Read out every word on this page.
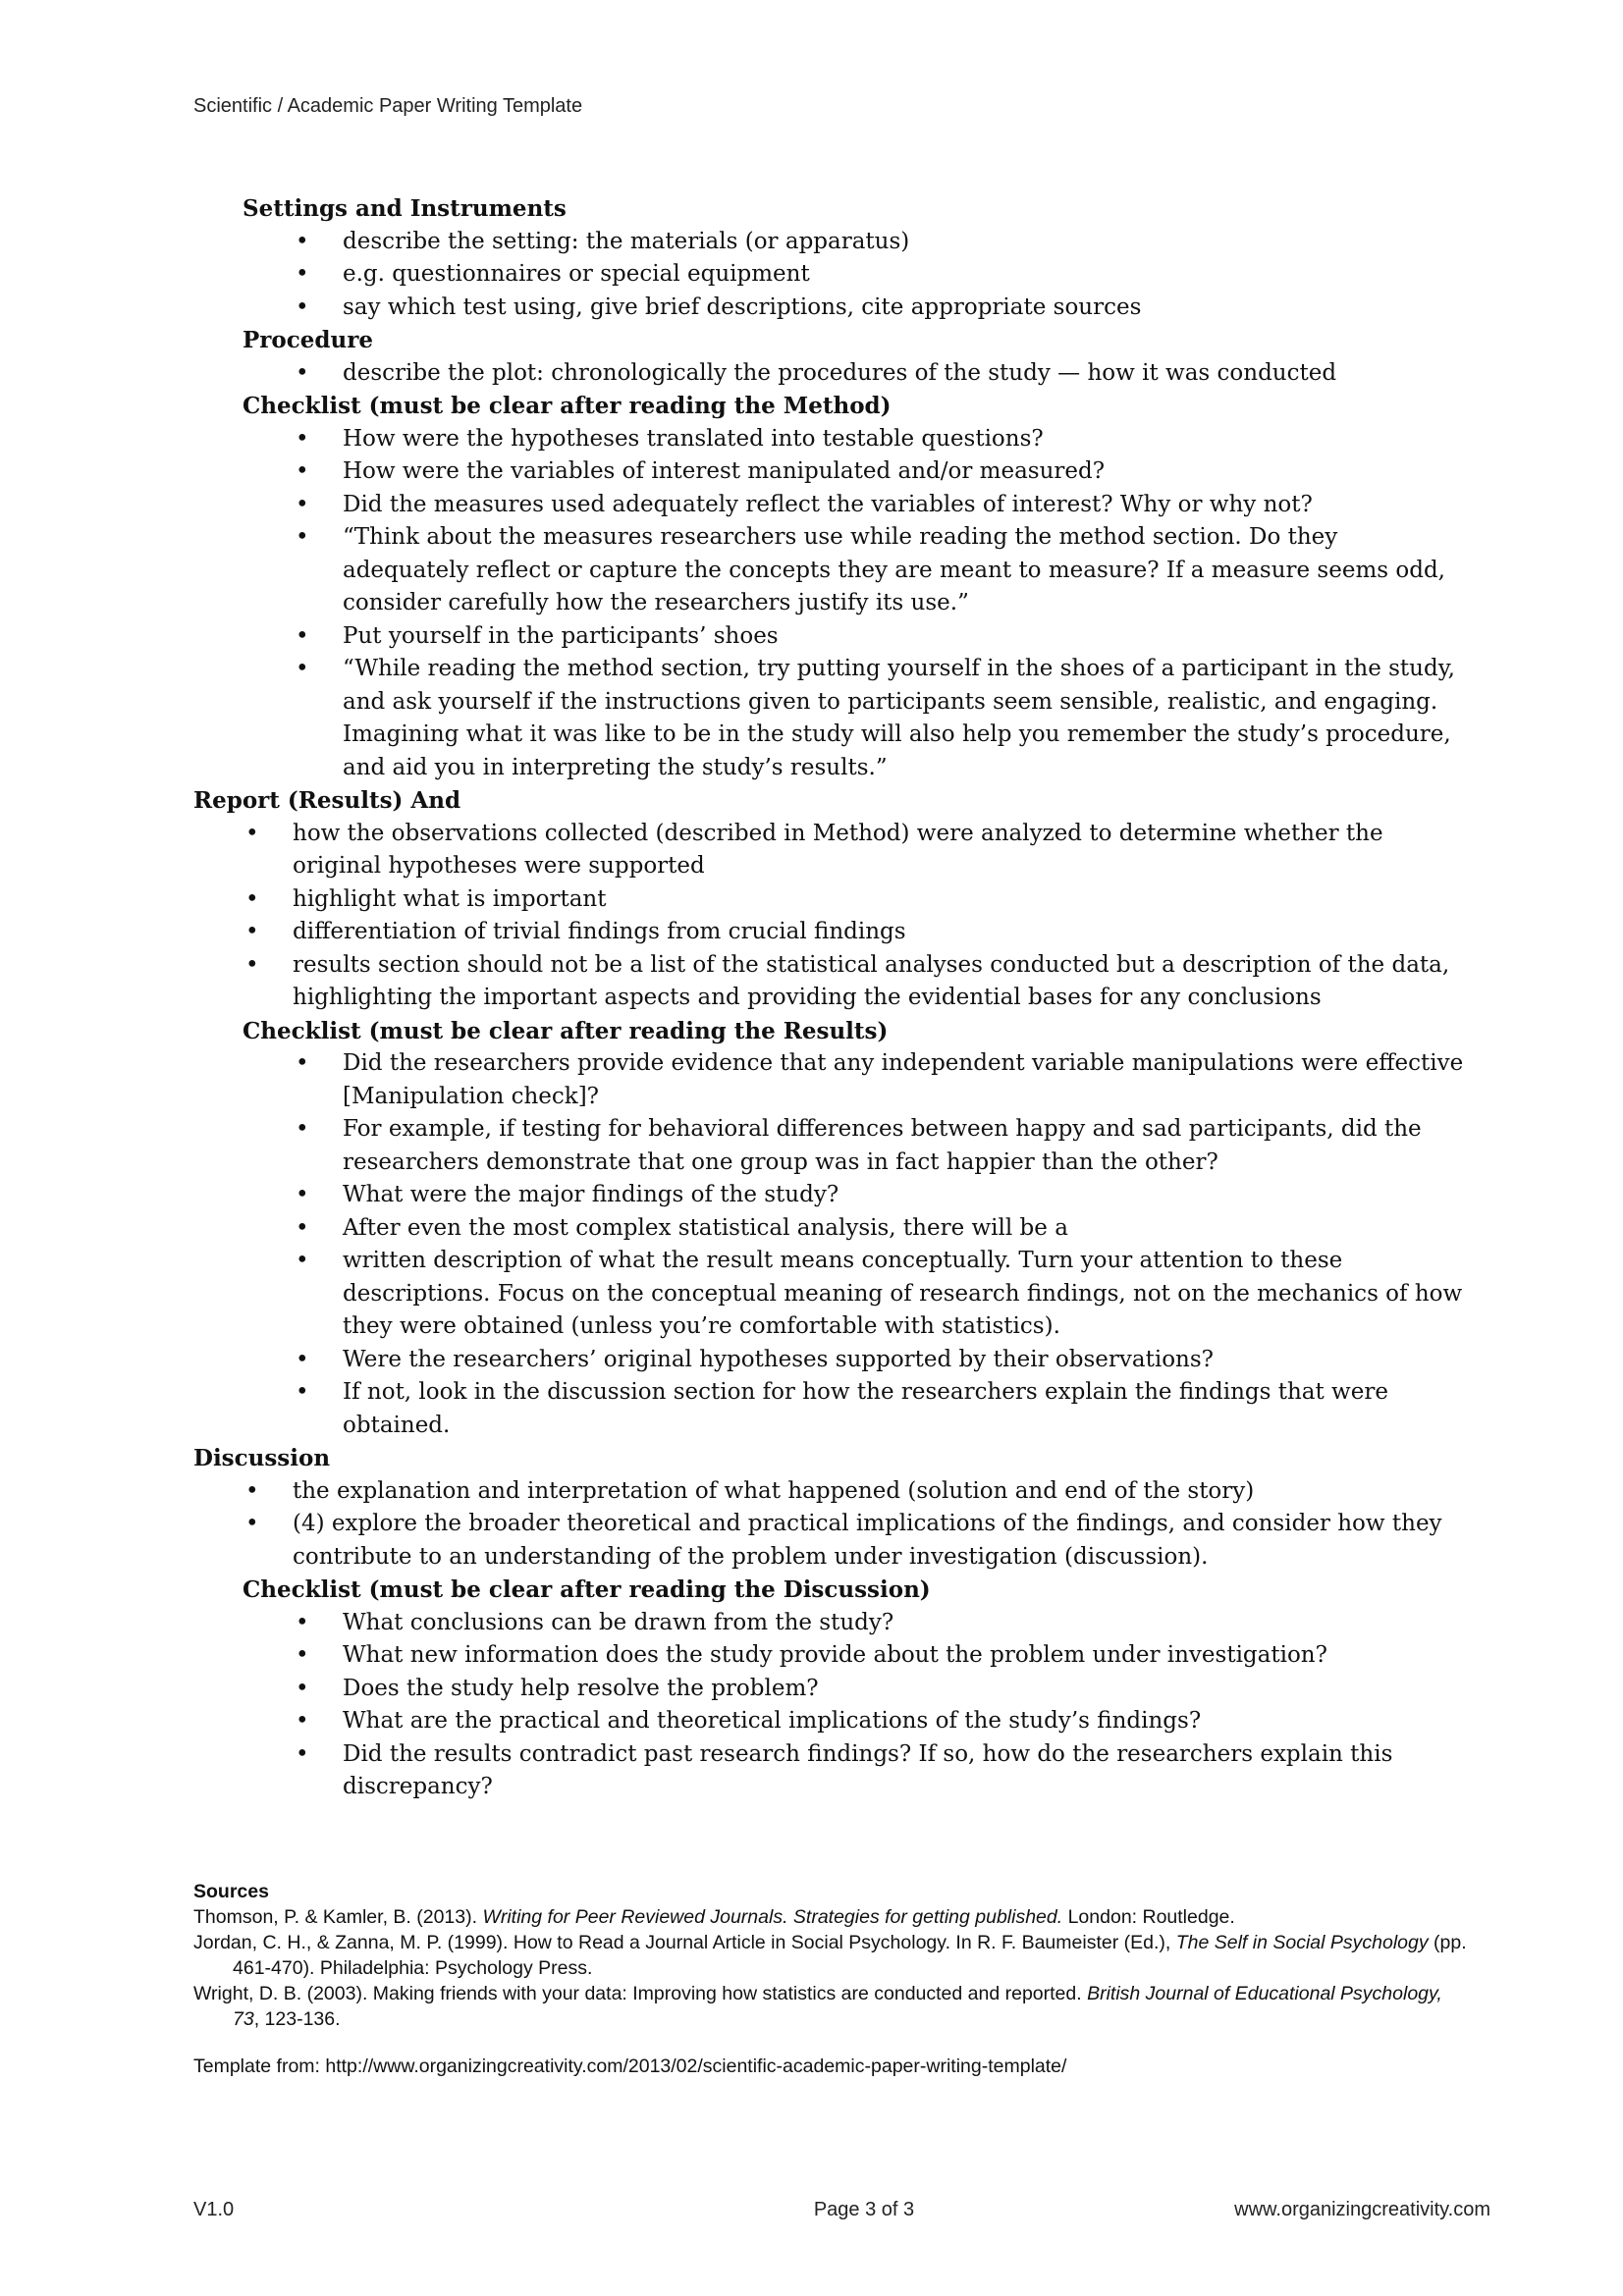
Scientific / Academic Paper Writing Template
Settings and Instruments
• describe the setting: the materials (or apparatus)
• e.g. questionnaires or special equipment
• say which test using, give brief descriptions, cite appropriate sources
Procedure
• describe the plot: chronologically the procedures of the study — how it was conducted
Checklist (must be clear after reading the Method)
• How were the hypotheses translated into testable questions?
• How were the variables of interest manipulated and/or measured?
• Did the measures used adequately reflect the variables of interest? Why or why not?
• “Think about the measures researchers use while reading the method section. Do they adequately reflect or capture the concepts they are meant to measure? If a measure seems odd, consider carefully how the researchers justify its use.”
• Put yourself in the participants’ shoes
• “While reading the method section, try putting yourself in the shoes of a participant in the study, and ask yourself if the instructions given to participants seem sensible, realistic, and engaging. Imagining what it was like to be in the study will also help you remember the study’s procedure, and aid you in interpreting the study’s results.”
Report (Results) And
• how the observations collected (described in Method) were analyzed to determine whether the original hypotheses were supported
• highlight what is important
• differentiation of trivial findings from crucial findings
• results section should not be a list of the statistical analyses conducted but a description of the data, highlighting the important aspects and providing the evidential bases for any conclusions
Checklist (must be clear after reading the Results)
• Did the researchers provide evidence that any independent variable manipulations were effective [Manipulation check]?
• For example, if testing for behavioral differences between happy and sad participants, did the researchers demonstrate that one group was in fact happier than the other?
• What were the major findings of the study?
• After even the most complex statistical analysis, there will be a
• written description of what the result means conceptually. Turn your attention to these descriptions. Focus on the conceptual meaning of research findings, not on the mechanics of how they were obtained (unless you’re comfortable with statistics).
• Were the researchers’ original hypotheses supported by their observations?
• If not, look in the discussion section for how the researchers explain the findings that were obtained.
Discussion
• the explanation and interpretation of what happened (solution and end of the story)
• (4) explore the broader theoretical and practical implications of the findings, and consider how they contribute to an understanding of the problem under investigation (discussion).
Checklist (must be clear after reading the Discussion)
• What conclusions can be drawn from the study?
• What new information does the study provide about the problem under investigation?
• Does the study help resolve the problem?
• What are the practical and theoretical implications of the study’s findings?
• Did the results contradict past research findings? If so, how do the researchers explain this discrepancy?
Sources
Thomson, P. & Kamler, B. (2013). Writing for Peer Reviewed Journals. Strategies for getting published. London: Routledge.
Jordan, C. H., & Zanna, M. P. (1999). How to Read a Journal Article in Social Psychology. In R. F. Baumeister (Ed.), The Self in Social Psychology (pp. 461-470). Philadelphia: Psychology Press.
Wright, D. B. (2003). Making friends with your data: Improving how statistics are conducted and reported. British Journal of Educational Psychology, 73, 123-136.
Template from: http://www.organizingcreativity.com/2013/02/scientific-academic-paper-writing-template/
V1.0	Page 3 of 3	www.organizingcreativity.com
